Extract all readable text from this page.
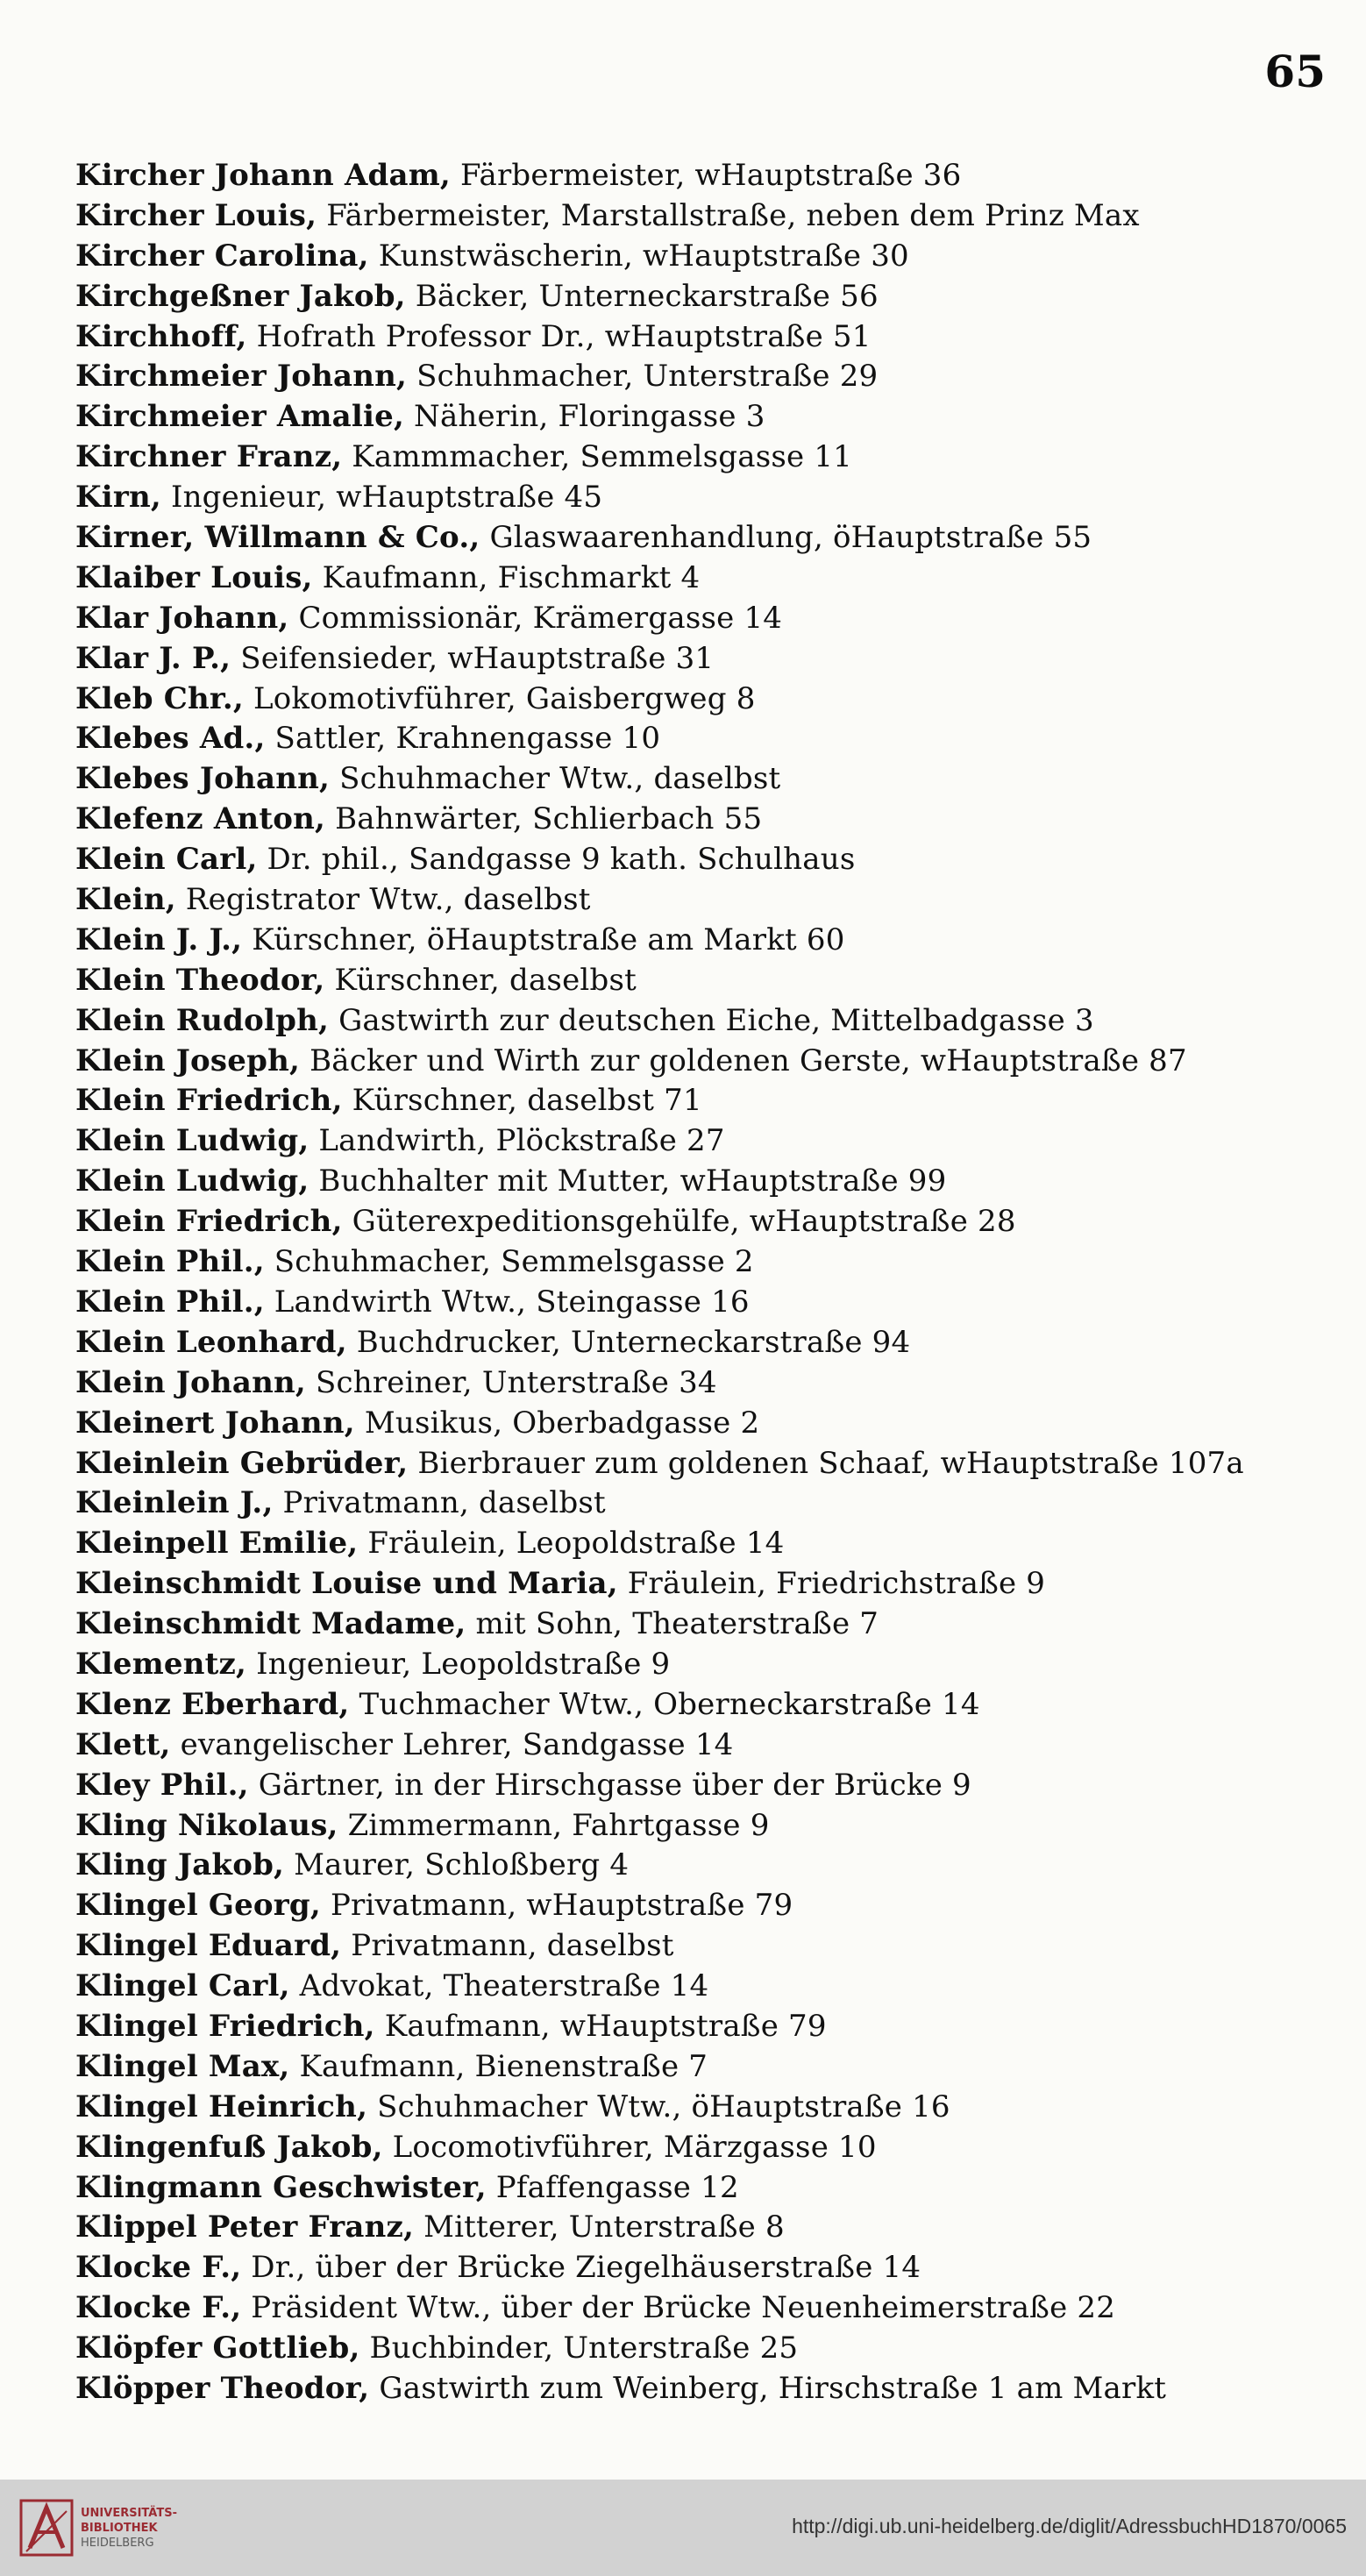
65
Kircher Johann Adam, Färbermeister, wHauptstraße 36
Kircher Louis, Färbermeister, Marstallstraße, neben dem Prinz Max
Kircher Carolina, Kunstwäscherin, wHauptstraße 30
Kirchgeßner Jakob, Bäcker, Unterneckarstraße 56
Kirchhoff, Hofrath Professor Dr., wHauptstraße 51
Kirchmeier Johann, Schuhmacher, Unterstraße 29
Kirchmeier Amalie, Näherin, Floringasse 3
Kirchner Franz, Kammmacher, Semmelsgasse 11
Kirn, Ingenieur, wHauptstraße 45
Kirner, Willmann & Co., Glaswaarenhandlung, öHauptstraße 55
Klaiber Louis, Kaufmann, Fischmarkt 4
Klar Johann, Commissionär, Krämergasse 14
Klar J. P., Seifensieder, wHauptstraße 31
Kleb Chr., Lokomotivführer, Gaisbergweg 8
Klebes Ad., Sattler, Krahnengasse 10
Klebes Johann, Schuhmacher Wtw., daselbst
Klefenz Anton, Bahnwärter, Schlierbach 55
Klein Carl, Dr. phil., Sandgasse 9 kath. Schulhaus
Klein, Registrator Wtw., daselbst
Klein J. J., Kürschner, öHauptstraße am Markt 60
Klein Theodor, Kürschner, daselbst
Klein Rudolph, Gastwirth zur deutschen Eiche, Mittelbadgasse 3
Klein Joseph, Bäcker und Wirth zur goldenen Gerste, wHauptstraße 87
Klein Friedrich, Kürschner, daselbst 71
Klein Ludwig, Landwirth, Plöckstraße 27
Klein Ludwig, Buchhalter mit Mutter, wHauptstraße 99
Klein Friedrich, Güterexpeditionsgehülfe, wHauptstraße 28
Klein Phil., Schuhmacher, Semmelsgasse 2
Klein Phil., Landwirth Wtw., Steingasse 16
Klein Leonhard, Buchdrucker, Unterneckarstraße 94
Klein Johann, Schreiner, Unterstraße 34
Kleinert Johann, Musikus, Oberbadgasse 2
Kleinlein Gebrüder, Bierbrauer zum goldenen Schaaf, wHauptstraße 107a
Kleinlein J., Privatmann, daselbst
Kleinpell Emilie, Fräulein, Leopoldstraße 14
Kleinschmidt Louise und Maria, Fräulein, Friedrichstraße 9
Kleinschmidt Madame, mit Sohn, Theaterstraße 7
Klementz, Ingenieur, Leopoldstraße 9
Klenz Eberhard, Tuchmacher Wtw., Oberneckarstraße 14
Klett, evangelischer Lehrer, Sandgasse 14
Kley Phil., Gärtner, in der Hirschgasse über der Brücke 9
Kling Nikolaus, Zimmermann, Fahrtgasse 9
Kling Jakob, Maurer, Schloßberg 4
Klingel Georg, Privatmann, wHauptstraße 79
Klingel Eduard, Privatmann, daselbst
Klingel Carl, Advokat, Theaterstraße 14
Klingel Friedrich, Kaufmann, wHauptstraße 79
Klingel Max, Kaufmann, Bienenstraße 7
Klingel Heinrich, Schuhmacher Wtw., öHauptstraße 16
Klingenfuß Jakob, Locomotivführer, Märzgasse 10
Klingmann Geschwister, Pfaffengasse 12
Klippel Peter Franz, Mitterer, Unterstraße 8
Klocke F., Dr., über der Brücke Ziegelhäuserstraße 14
Klocke F., Präsident Wtw., über der Brücke Neuenheimerstraße 22
Klöpfer Gottlieb, Buchbinder, Unterstraße 25
Klöpper Theodor, Gastwirth zum Weinberg, Hirschstraße 1 am Markt
UNIVERSITÄTS-
BIBLIOTHEK
HEIDELBERG
http://digi.ub.uni-heidelberg.de/diglit/AdressbuchHD1870/0065
